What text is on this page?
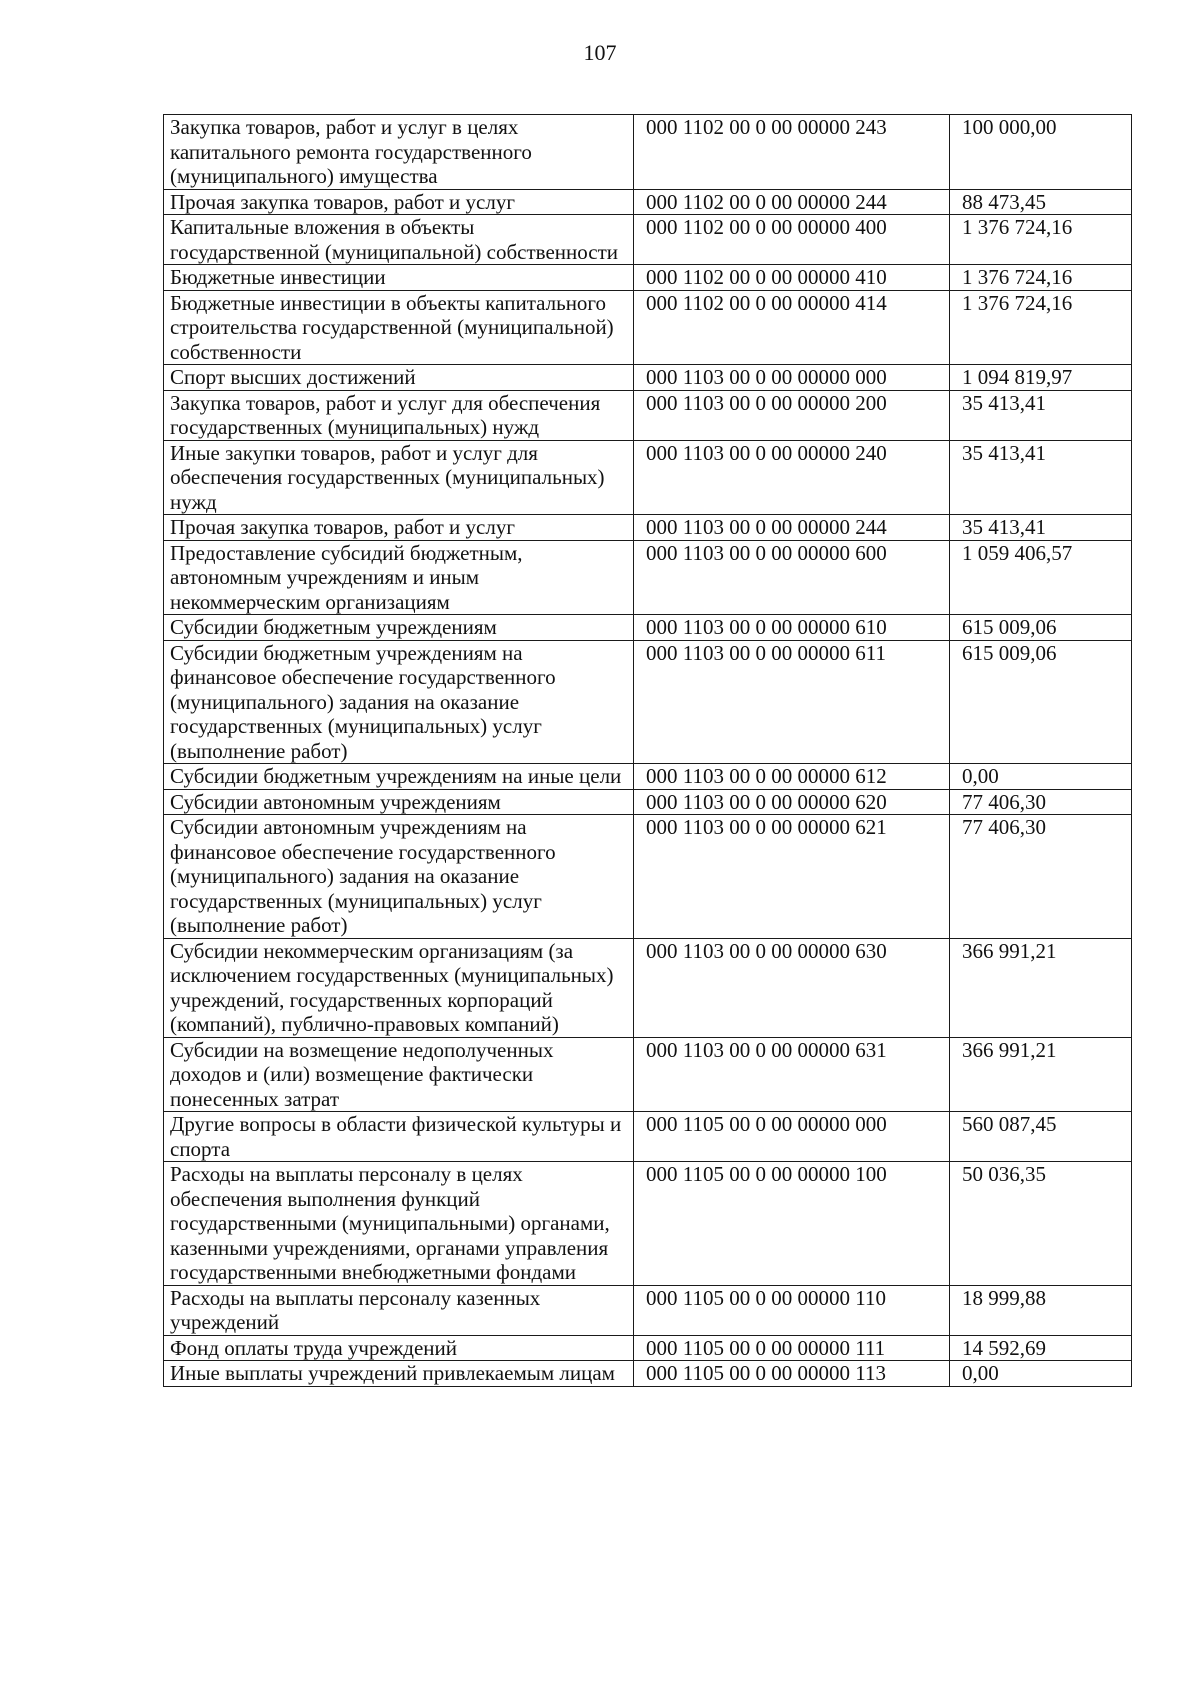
107
Закупка товаров, работ и услуг в целях капитального ремонта государственного (муниципального) имущества	000 1102 00 0 00 00000 243	100 000,00
Прочая закупка товаров, работ и услуг	000 1102 00 0 00 00000 244	88 473,45
Капитальные вложения в объекты государственной (муниципальной) собственности	000 1102 00 0 00 00000 400	1 376 724,16
Бюджетные инвестиции	000 1102 00 0 00 00000 410	1 376 724,16
Бюджетные инвестиции в объекты капитального строительства государственной (муниципальной) собственности	000 1102 00 0 00 00000 414	1 376 724,16
Спорт высших достижений	000 1103 00 0 00 00000 000	1 094 819,97
Закупка товаров, работ и услуг для обеспечения государственных (муниципальных) нужд	000 1103 00 0 00 00000 200	35 413,41
Иные закупки товаров, работ и услуг для обеспечения государственных (муниципальных) нужд	000 1103 00 0 00 00000 240	35 413,41
Прочая закупка товаров, работ и услуг	000 1103 00 0 00 00000 244	35 413,41
Предоставление субсидий бюджетным, автономным учреждениям и иным некоммерческим организациям	000 1103 00 0 00 00000 600	1 059 406,57
Субсидии бюджетным учреждениям	000 1103 00 0 00 00000 610	615 009,06
Субсидии бюджетным учреждениям на финансовое обеспечение государственного (муниципального) задания на оказание государственных (муниципальных) услуг (выполнение работ)	000 1103 00 0 00 00000 611	615 009,06
Субсидии бюджетным учреждениям на иные цели	000 1103 00 0 00 00000 612	0,00
Субсидии автономным учреждениям	000 1103 00 0 00 00000 620	77 406,30
Субсидии автономным учреждениям на финансовое обеспечение государственного (муниципального) задания на оказание государственных (муниципальных) услуг (выполнение работ)	000 1103 00 0 00 00000 621	77 406,30
Субсидии некоммерческим организациям (за исключением государственных (муниципальных) учреждений, государственных корпораций (компаний), публично-правовых компаний)	000 1103 00 0 00 00000 630	366 991,21
Субсидии на возмещение недополученных доходов и (или) возмещение фактически понесенных затрат	000 1103 00 0 00 00000 631	366 991,21
Другие вопросы в области физической культуры и спорта	000 1105 00 0 00 00000 000	560 087,45
Расходы на выплаты персоналу в целях обеспечения выполнения функций государственными (муниципальными) органами, казенными учреждениями, органами управления государственными внебюджетными фондами	000 1105 00 0 00 00000 100	50 036,35
Расходы на выплаты персоналу казенных учреждений	000 1105 00 0 00 00000 110	18 999,88
Фонд оплаты труда учреждений	000 1105 00 0 00 00000 111	14 592,69
Иные выплаты учреждений привлекаемым лицам	000 1105 00 0 00 00000 113	0,00
